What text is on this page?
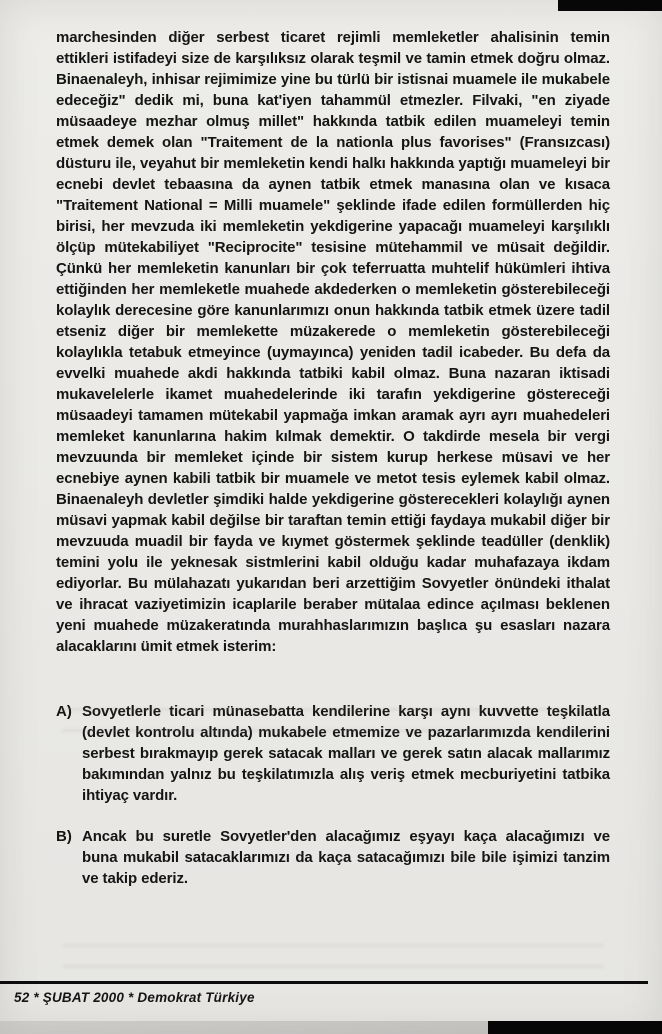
marchesinden diğer serbest ticaret rejimli memleketler ahalisinin temin ettikleri istifadeyi size de karşılıksız olarak teşmil ve tamin etmek doğru olmaz. Binaenaleyh, inhisar rejimimize yine bu türlü bir istisnai muamele ile mukabele edeceğiz" dedik mi, buna kat'iyen tahammül etmezler. Filvaki, "en ziyade müsaadeye mezhar olmuş millet" hakkında tatbik edilen muameleyi temin etmek demek olan "Traitement de la nationla plus favorises" (Fransızcası) düsturu ile, veyahut bir memleketin kendi halkı hakkında yaptığı muameleyi bir ecnebi devlet tebaasına da aynen tatbik etmek manasına olan ve kısaca "Traitement National = Milli muamele" şeklinde ifade edilen formüllerden hiç birisi, her mevzuda iki memleketin yekdigerine yapacağı muameleyi karşılıklı ölçüp mütekabiliyet "Reciprocite" tesisine mütehammil ve müsait değildir. Çünkü her memleketin kanunları bir çok teferruatta muhtelif hükümleri ihtiva ettiğinden her memleketle muahede akdederken o memleketin gösterebileceği kolaylık derecesine göre kanunlarımızı onun hakkında tatbik etmek üzere tadil etseniz diğer bir memlekette müzakerede o memleketin gösterebileceği kolaylıkla tetabuk etmeyince (uymayınca) yeniden tadil icabeder. Bu defa da evvelki muahede akdi hakkında tatbiki kabil olmaz. Buna nazaran iktisadi mukavelelerle ikamet muahedelerinde iki tarafın yekdigerine göstereceği müsaadeyi tamamen mütekabil yapmağa imkan aramak ayrı ayrı muahedeleri memleket kanunlarına hakim kılmak demektir. O takdirde mesela bir vergi mevzuunda bir memleket içinde bir sistem kurup herkese müsavi ve her ecnebiye aynen kabili tatbik bir muamele ve metot tesis eylemek kabil olmaz. Binaenaleyh devletler şimdiki halde yekdigerine gösterecekleri kolaylığı aynen müsavi yapmak kabil değilse bir taraftan temin ettiği faydaya mukabil diğer bir mevzuuda muadil bir fayda ve kıymet göstermek şeklinde teadüller (denklik) temini yolu ile yeknesak sistmlerini kabil olduğu kadar muhafazaya ikdam ediyorlar. Bu mülahazatı yukarıdan beri arzettiğim Sovyetler önündeki ithalat ve ihracat vaziyetimizin icaplarile beraber mütalaa edince açılması beklenen yeni muahede müzakeratında murahhaslarımızın başlıca şu esasları nazara alacaklarını ümit etmek isterim:

A) Sovyetlerle ticari münasebatta kendilerine karşı aynı kuvvette teşkilatla (devlet kontrolu altında) mukabele etmemize ve pazarlarımızda kendilerini serbest bırakmayıp gerek satacak malları ve gerek satın alacak mallarımız bakımından yalnız bu teşkilatımızla alış veriş etmek mecburiyetini tatbika ihtiyaç vardır.

B) Ancak bu suretle Sovyetler'den alacağımız eşyayı kaça alacağımızı ve buna mukabil satacaklarımızı da kaça satacağımızı bile bile işimizi tanzim ve takip ederiz.

52 * ŞUBAT 2000 * Demokrat Türkiye
